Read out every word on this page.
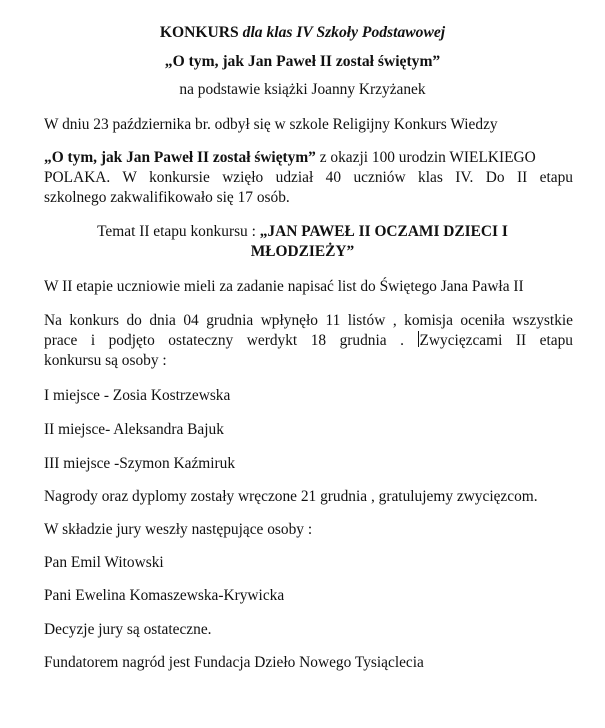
KONKURS dla klas IV Szkoły Podstawowej
„O tym, jak Jan Paweł II został świętym”
na podstawie książki Joanny Krzyżanek
W dniu 23 października br. odbył się w szkole Religijny Konkurs Wiedzy
„O tym, jak Jan Paweł II został świętym” z okazji 100 urodzin WIELKIEGO
POLAKA. W konkursie wzięło udział 40 uczniów klas IV. Do II etapu
szkolnego zakwalifikowało się 17 osób.
Temat II etapu konkursu : „JAN PAWEŁ II OCZAMI DZIECI I
MŁODZIEŻY”
W II etapie uczniowie mieli za zadanie napisać list do Świętego Jana Pawła II
Na konkurs do dnia 04 grudnia wpłynęło 11 listów , komisja oceniła wszystkie
prace i podjęto ostateczny werdykt 18 grudnia . Zwycięzcami II etapu
konkursu są osoby :
I miejsce - Zosia Kostrzewska
II miejsce- Aleksandra Bajuk
III miejsce -Szymon Kaźmiruk
Nagrody oraz dyplomy zostały wręczone 21 grudnia , gratulujemy zwycięzcom.
W składzie jury weszły następujące osoby :
Pan Emil Witowski
Pani Ewelina Komaszewska-Krywicka
Decyzje jury są ostateczne.
Fundatorem nagród jest Fundacja Dzieło Nowego Tysiąclecia
